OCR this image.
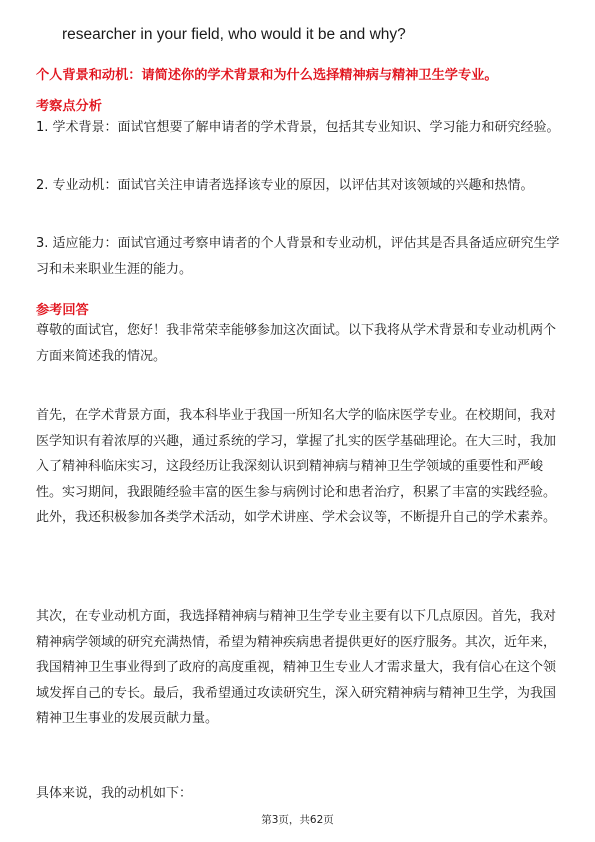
researcher in your field, who would it be and why?
个人背景和动机：请简述你的学术背景和为什么选择精神病与精神卫生学专业。
考察点分析
1. 学术背景：面试官想要了解申请者的学术背景，包括其专业知识、学习能力和研究经验。
2. 专业动机：面试官关注申请者选择该专业的原因，以评估其对该领域的兴趣和热情。
3. 适应能力：面试官通过考察申请者的个人背景和专业动机，评估其是否具备适应研究生学习和未来职业生涯的能力。
参考回答
尊敬的面试官，您好！我非常荣幸能够参加这次面试。以下我将从学术背景和专业动机两个方面来简述我的情况。
首先，在学术背景方面，我本科毕业于我国一所知名大学的临床医学专业。在校期间，我对医学知识有着浓厚的兴趣，通过系统的学习，掌握了扎实的医学基础理论。在大三时，我加入了精神科临床实习，这段经历让我深刻认识到精神病与精神卫生学领域的重要性和严峻性。实习期间，我跟随经验丰富的医生参与病例讨论和患者治疗，积累了丰富的实践经验。此外，我还积极参加各类学术活动，如学术讲座、学术会议等，不断提升自己的学术素养。
其次，在专业动机方面，我选择精神病与精神卫生学专业主要有以下几点原因。首先，我对精神病学领域的研究充满热情，希望为精神疾病患者提供更好的医疗服务。其次，近年来，我国精神卫生事业得到了政府的高度重视，精神卫生专业人才需求量大，我有信心在这个领域发挥自己的专长。最后，我希望通过攻读研究生，深入研究精神病与精神卫生学，为我国精神卫生事业的发展贡献力量。
具体来说，我的动机如下：
第3页，共62页
